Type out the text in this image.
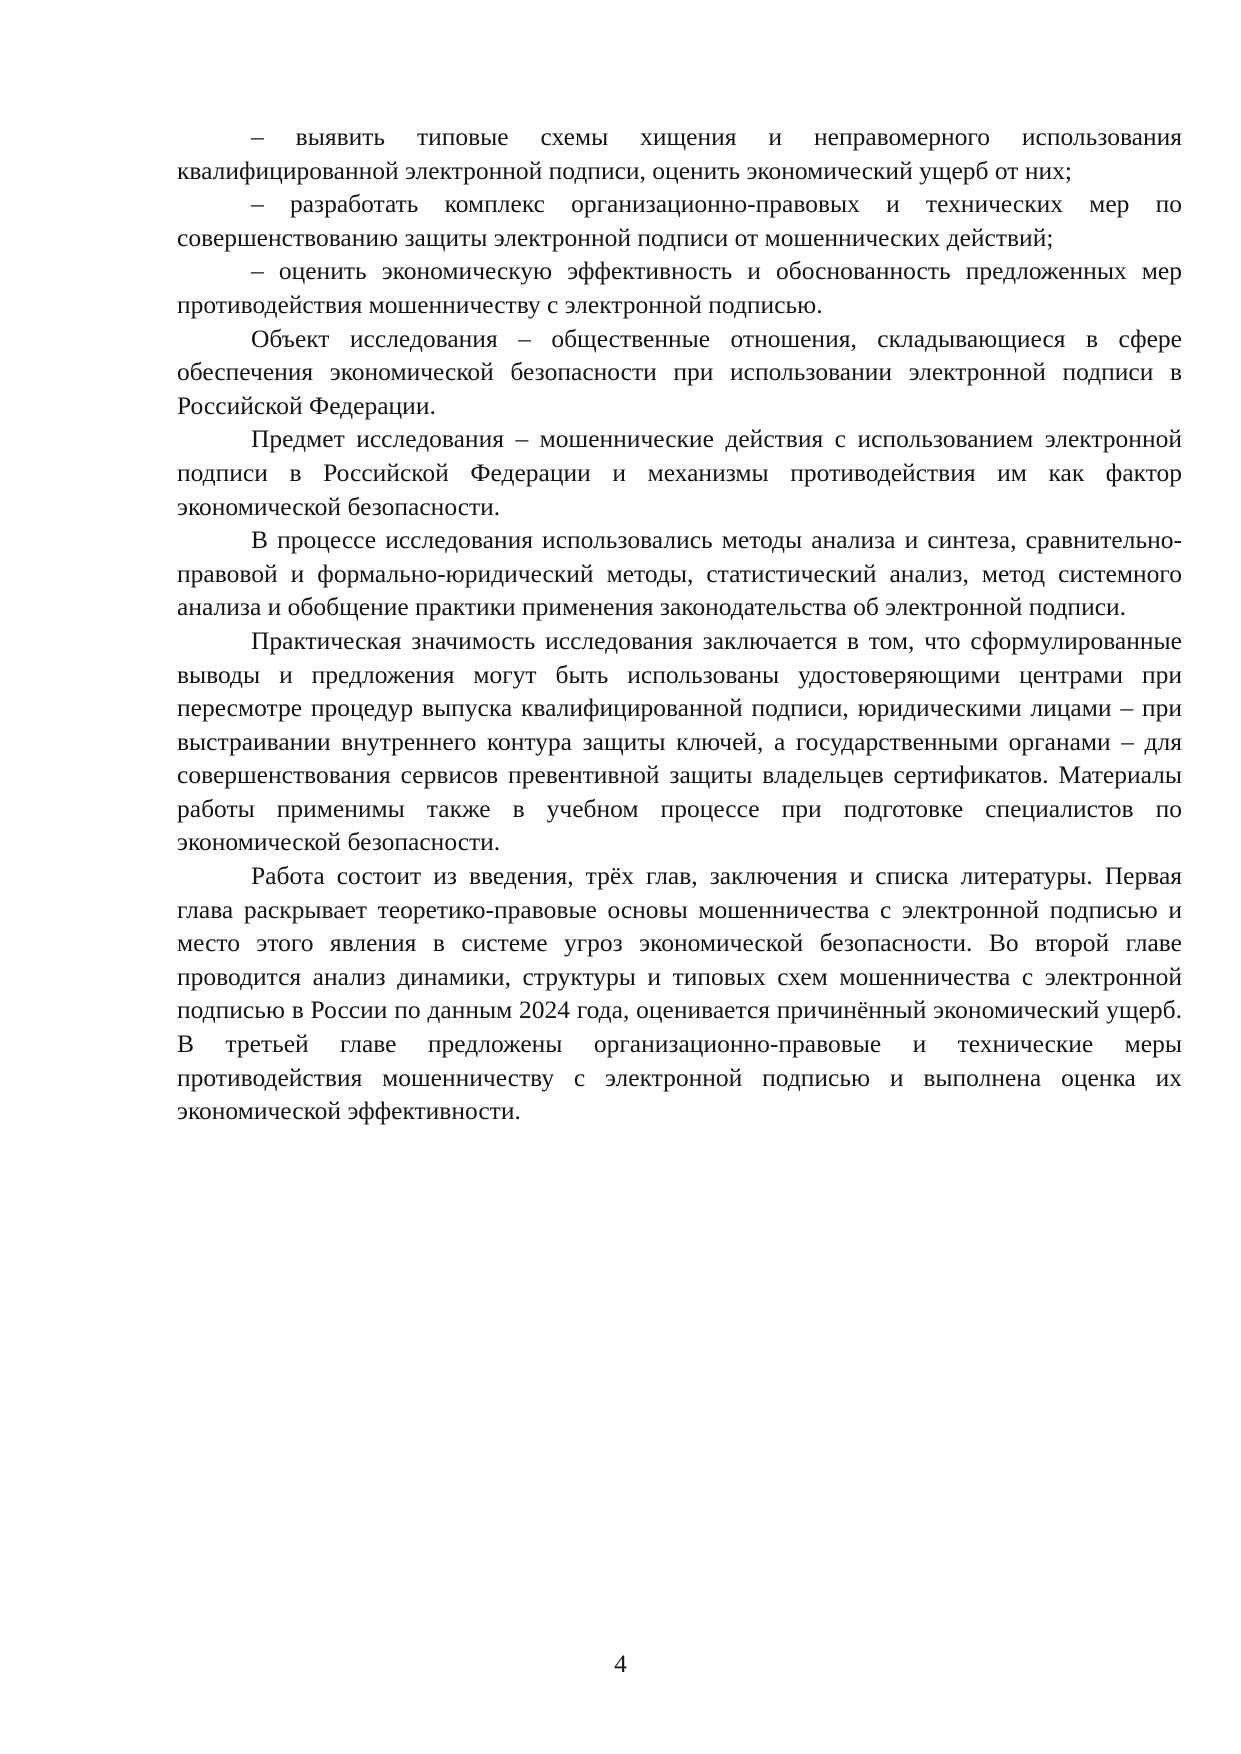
– выявить типовые схемы хищения и неправомерного использования квалифицированной электронной подписи, оценить экономический ущерб от них;

– разработать комплекс организационно-правовых и технических мер по совершенствованию защиты электронной подписи от мошеннических действий;

– оценить экономическую эффективность и обоснованность предложенных мер противодействия мошенничеству с электронной подписью.

Объект исследования – общественные отношения, складывающиеся в сфере обеспечения экономической безопасности при использовании электронной подписи в Российской Федерации.

Предмет исследования – мошеннические действия с использованием электронной подписи в Российской Федерации и механизмы противодействия им как фактор экономической безопасности.

В процессе исследования использовались методы анализа и синтеза, сравнительно-правовой и формально-юридический методы, статистический анализ, метод системного анализа и обобщение практики применения законодательства об электронной подписи.

Практическая значимость исследования заключается в том, что сформулированные выводы и предложения могут быть использованы удостоверяющими центрами при пересмотре процедур выпуска квалифицированной подписи, юридическими лицами – при выстраивании внутреннего контура защиты ключей, а государственными органами – для совершенствования сервисов превентивной защиты владельцев сертификатов. Материалы работы применимы также в учебном процессе при подготовке специалистов по экономической безопасности.

Работа состоит из введения, трёх глав, заключения и списка литературы. Первая глава раскрывает теоретико-правовые основы мошенничества с электронной подписью и место этого явления в системе угроз экономической безопасности. Во второй главе проводится анализ динамики, структуры и типовых схем мошенничества с электронной подписью в России по данным 2024 года, оценивается причинённый экономический ущерб. В третьей главе предложены организационно-правовые и технические меры противодействия мошенничеству с электронной подписью и выполнена оценка их экономической эффективности.

4
